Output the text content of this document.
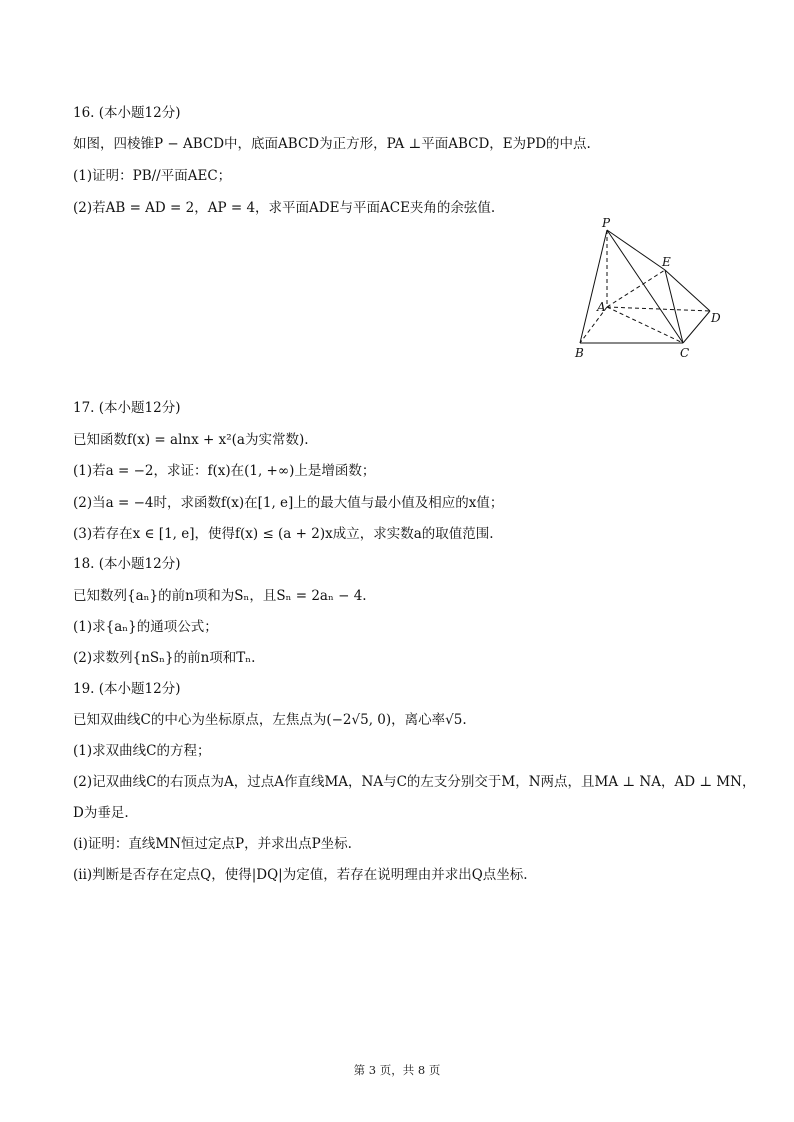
16. (本小题12分)
如图，四棱锥P − ABCD中，底面ABCD为正方形，PA ⊥平面ABCD，E为PD的中点.
(1)证明：PB//平面AEC；
(2)若AB = AD = 2，AP = 4，求平面ADE与平面ACE夹角的余弦值.
P
E
A
D
B	C
17. (本小题12分)
已知函数f(x) = alnx + x²(a为实常数).
(1)若a = −2，求证：f(x)在(1, +∞)上是增函数；
(2)当a = −4时，求函数f(x)在[1, e]上的最大值与最小值及相应的x值；
(3)若存在x ∈ [1, e]，使得f(x) ≤ (a + 2)x成立，求实数a的取值范围.
18. (本小题12分)
已知数列{aₙ}的前n项和为Sₙ，且Sₙ = 2aₙ − 4.
(1)求{aₙ}的通项公式；
(2)求数列{nSₙ}的前n项和Tₙ.
19. (本小题12分)
已知双曲线C的中心为坐标原点，左焦点为(−2√5, 0)，离心率√5.
(1)求双曲线C的方程；
(2)记双曲线C的右顶点为A，过点A作直线MA，NA与C的左支分别交于M，N两点，且MA ⊥ NA，AD ⊥ MN，
D为垂足.
(i)证明：直线MN恒过定点P，并求出点P坐标.
(ii)判断是否存在定点Q，使得|DQ|为定值，若存在说明理由并求出Q点坐标.
第 3 页，共 8 页
